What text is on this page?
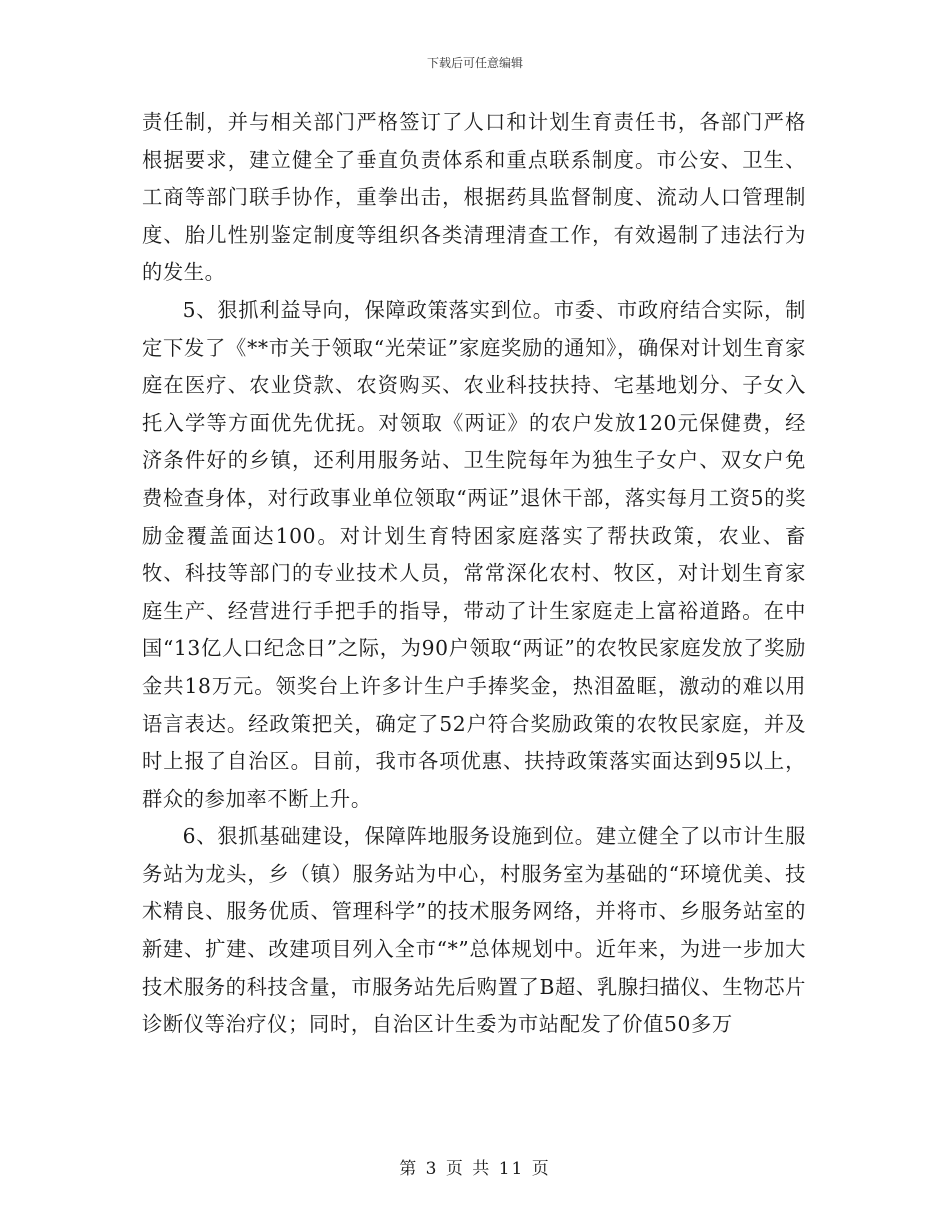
下载后可任意编辑

责任制，并与相关部门严格签订了人口和计划生育责任书，各部门严格根据要求，建立健全了垂直负责体系和重点联系制度。市公安、卫生、工商等部门联手协作，重拳出击，根据药具监督制度、流动人口管理制度、胎儿性别鉴定制度等组织各类清理清查工作，有效遏制了违法行为的发生。

5、狠抓利益导向，保障政策落实到位。市委、市政府结合实际，制定下发了《**市关于领取“光荣证”家庭奖励的通知》，确保对计划生育家庭在医疗、农业贷款、农资购买、农业科技扶持、宅基地划分、子女入托入学等方面优先优抚。对领取《两证》的农户发放120元保健费，经济条件好的乡镇，还利用服务站、卫生院每年为独生子女户、双女户免费检查身体，对行政事业单位领取“两证”退休干部，落实每月工资5的奖励金覆盖面达100。对计划生育特困家庭落实了帮扶政策，农业、畜牧、科技等部门的专业技术人员，常常深化农村、牧区，对计划生育家庭生产、经营进行手把手的指导，带动了计生家庭走上富裕道路。在中国“13亿人口纪念日”之际，为90户领取“两证”的农牧民家庭发放了奖励金共18万元。领奖台上许多计生户手捧奖金，热泪盈眶，激动的难以用语言表达。经政策把关，确定了52户符合奖励政策的农牧民家庭，并及时上报了自治区。目前，我市各项优惠、扶持政策落实面达到95以上，群众的参加率不断上升。

6、狠抓基础建设，保障阵地服务设施到位。建立健全了以市计生服务站为龙头，乡（镇）服务站为中心，村服务室为基础的“环境优美、技术精良、服务优质、管理科学”的技术服务网络，并将市、乡服务站室的新建、扩建、改建项目列入全市“*”总体规划中。近年来，为进一步加大技术服务的科技含量，市服务站先后购置了B超、乳腺扫描仪、生物芯片诊断仪等治疗仪；同时，自治区计生委为市站配发了价值50多万

第 3 页 共 11 页
